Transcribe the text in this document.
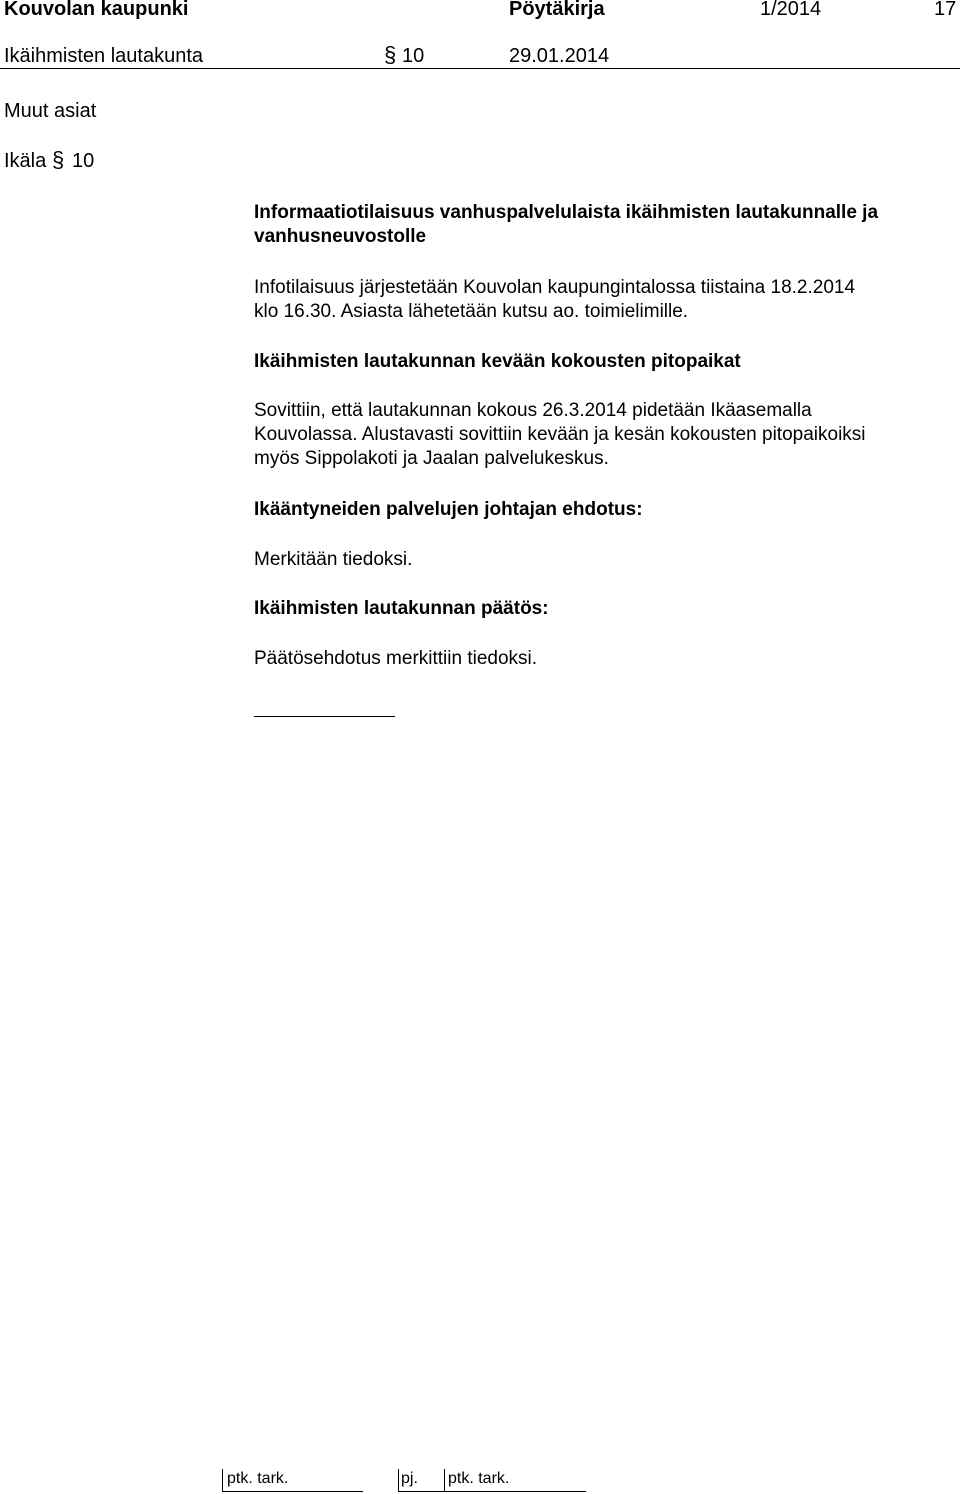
Kouvolan kaupunki	Pöytäkirja	1/2014	17
Ikäihmisten lautakunta	§ 10	29.01.2014
Muut asiat
Ikäla § 10
Informaatiotilaisuus vanhuspalvelulaista ikäihmisten lautakunnalle ja
vanhusneuvostolle
Infotilaisuus järjestetään Kouvolan kaupungintalossa tiistaina 18.2.2014
klo 16.30. Asiasta lähetetään kutsu ao. toimielimille.
Ikäihmisten lautakunnan kevään kokousten pitopaikat
Sovittiin, että lautakunnan kokous 26.3.2014 pidetään Ikäasemalla
Kouvolassa. Alustavasti sovittiin kevään ja kesän kokousten pitopaikoiksi
myös Sippolakoti ja Jaalan palvelukeskus.
Ikääntyneiden palvelujen johtajan ehdotus:
Merkitään tiedoksi.
Ikäihmisten lautakunnan päätös:
Päätösehdotus merkittiin tiedoksi.
pj.
ptk. tark.	ptk. tark.
